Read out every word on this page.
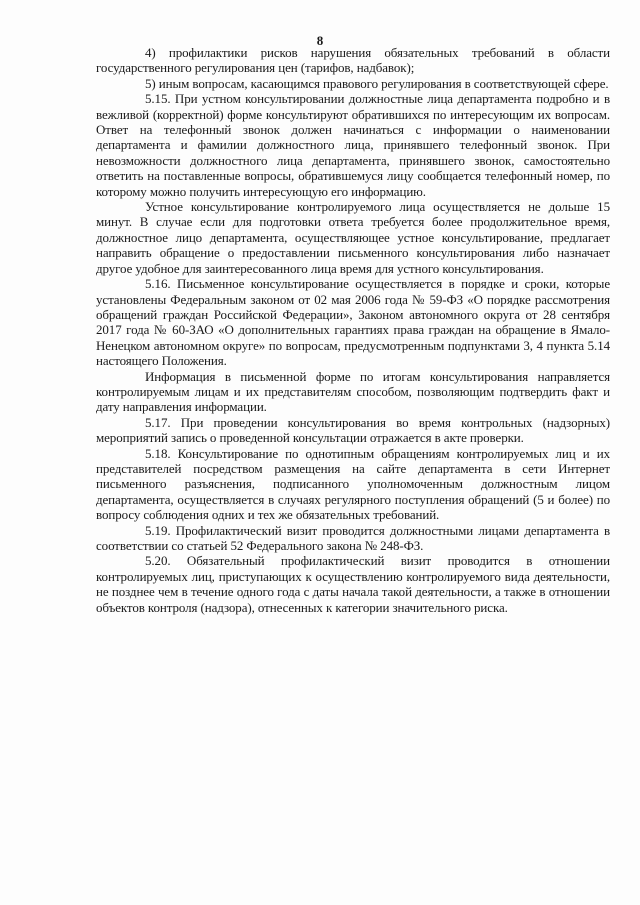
8

4) профилактики рисков нарушения обязательных требований в области государственного регулирования цен (тарифов, надбавок);

5) иным вопросам, касающимся правового регулирования в соответствующей сфере.

5.15. При устном консультировании должностные лица департамента подробно и в вежливой (корректной) форме консультируют обратившихся по интересующим их вопросам. Ответ на телефонный звонок должен начинаться с информации о наименовании департамента и фамилии должностного лица, принявшего телефонный звонок. При невозможности должностного лица департамента, принявшего звонок, самостоятельно ответить на поставленные вопросы, обратившемуся лицу сообщается телефонный номер, по которому можно получить интересующую его информацию.

Устное консультирование контролируемого лица осуществляется не дольше 15 минут. В случае если для подготовки ответа требуется более продолжительное время, должностное лицо департамента, осуществляющее устное консультирование, предлагает направить обращение о предоставлении письменного консультирования либо назначает другое удобное для заинтересованного лица время для устного консультирования.

5.16. Письменное консультирование осуществляется в порядке и сроки, которые установлены Федеральным законом от 02 мая 2006 года № 59-ФЗ «О порядке рассмотрения обращений граждан Российской Федерации», Законом автономного округа от 28 сентября 2017 года № 60-ЗАО «О дополнительных гарантиях права граждан на обращение в Ямало-Ненецком автономном округе» по вопросам, предусмотренным подпунктами 3, 4 пункта 5.14 настоящего Положения.

Информация в письменной форме по итогам консультирования направляется контролируемым лицам и их представителям способом, позволяющим подтвердить факт и дату направления информации.

5.17. При проведении консультирования во время контрольных (надзорных) мероприятий запись о проведенной консультации отражается в акте проверки.

5.18. Консультирование по однотипным обращениям контролируемых лиц и их представителей посредством размещения на сайте департамента в сети Интернет письменного разъяснения, подписанного уполномоченным должностным лицом департамента, осуществляется в случаях регулярного поступления обращений (5 и более) по вопросу соблюдения одних и тех же обязательных требований.

5.19. Профилактический визит проводится должностными лицами департамента в соответствии со статьей 52 Федерального закона № 248-ФЗ.

5.20. Обязательный профилактический визит проводится в отношении контролируемых лиц, приступающих к осуществлению контролируемого вида деятельности, не позднее чем в течение одного года с даты начала такой деятельности, а также в отношении объектов контроля (надзора), отнесенных к категории значительного риска.
